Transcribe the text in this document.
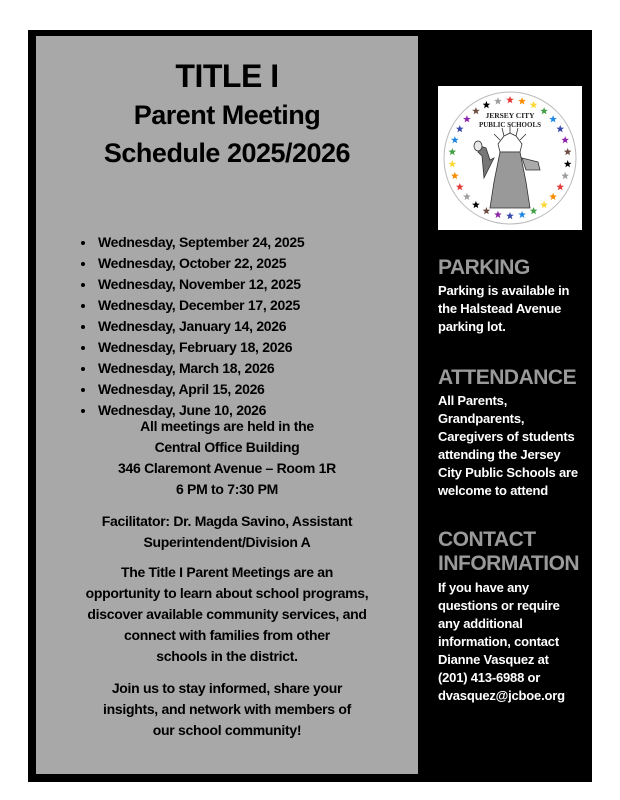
TITLE I
Parent Meeting
Schedule 2025/2026
• Wednesday, September 24, 2025
• Wednesday, October 22, 2025
• Wednesday, November 12, 2025
• Wednesday, December 17, 2025
• Wednesday, January 14, 2026
• Wednesday, February 18, 2026
• Wednesday, March 18, 2026
• Wednesday, April 15, 2026
• Wednesday, June 10, 2026
All meetings are held in the
Central Office Building
346 Claremont Avenue – Room 1R
6 PM to 7:30 PM
Facilitator: Dr. Magda Savino, Assistant
Superintendent/Division A
The Title I Parent Meetings are an
opportunity to learn about school programs,
discover available community services, and
connect with families from other
schools in the district.
Join us to stay informed, share your
insights, and network with members of
our school community!
JERSEY CITY
PUBLIC SCHOOLS
PARKING
Parking is available in
the Halstead Avenue
parking lot.
ATTENDANCE
All Parents,
Grandparents,
Caregivers of students
attending the Jersey
City Public Schools are
welcome to attend
CONTACT
INFORMATION
If you have any
questions or require
any additional
information, contact
Dianne Vasquez at
(201) 413-6988 or
dvasquez@jcboe.org
